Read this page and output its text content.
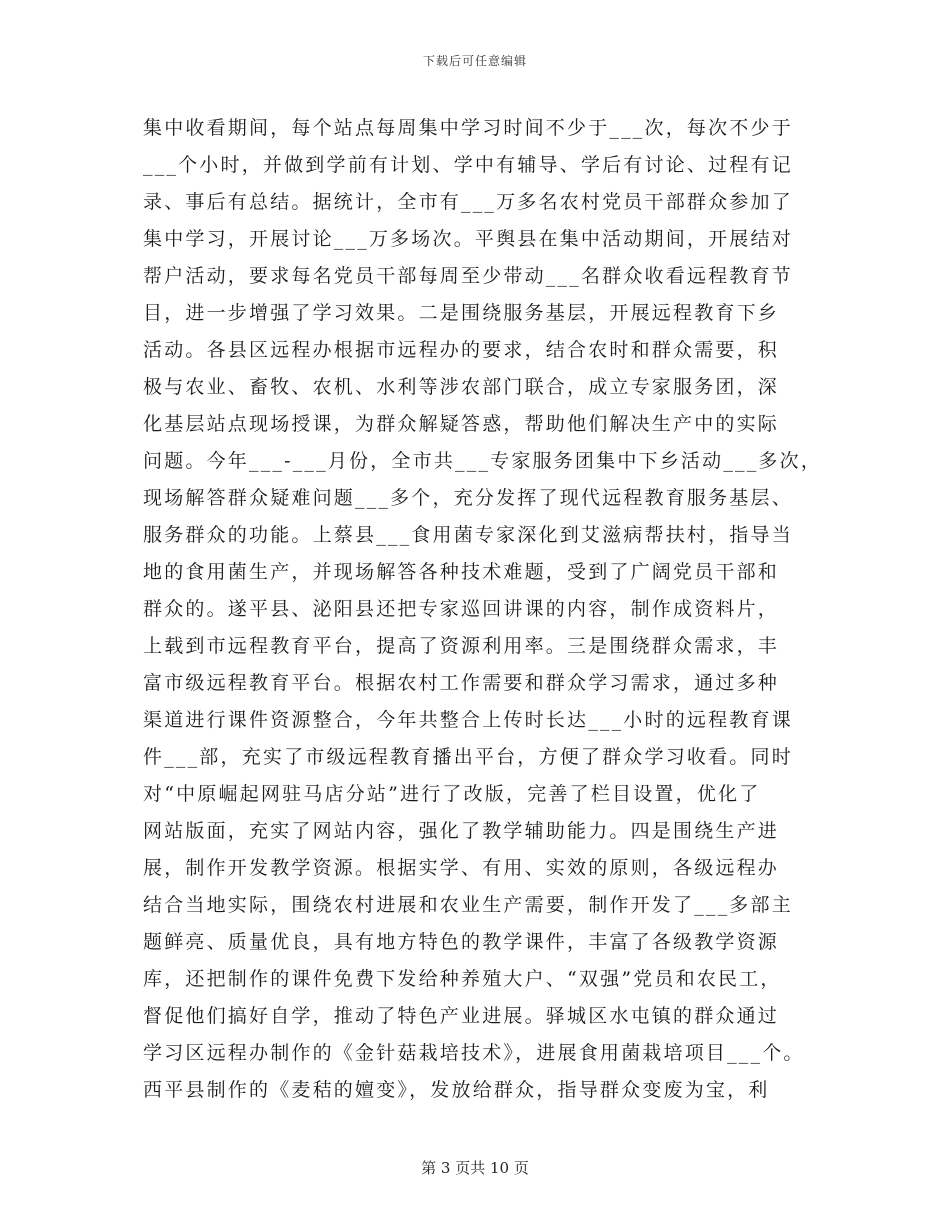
下载后可任意编辑
集中收看期间，每个站点每周集中学习时间不少于___次，每次不少于
___个小时，并做到学前有计划、学中有辅导、学后有讨论、过程有记
录、事后有总结。据统计，全市有___万多名农村党员干部群众参加了
集中学习，开展讨论___万多场次。平舆县在集中活动期间，开展结对
帮户活动，要求每名党员干部每周至少带动___名群众收看远程教育节
目，进一步增强了学习效果。二是围绕服务基层，开展远程教育下乡
活动。各县区远程办根据市远程办的要求，结合农时和群众需要，积
极与农业、畜牧、农机、水利等涉农部门联合，成立专家服务团，深
化基层站点现场授课，为群众解疑答惑，帮助他们解决生产中的实际
问题。今年___-___月份，全市共___专家服务团集中下乡活动___多次，
现场解答群众疑难问题___多个，充分发挥了现代远程教育服务基层、
服务群众的功能。上蔡县___食用菌专家深化到艾滋病帮扶村，指导当
地的食用菌生产，并现场解答各种技术难题，受到了广阔党员干部和
群众的。遂平县、泌阳县还把专家巡回讲课的内容，制作成资料片，
上载到市远程教育平台，提高了资源利用率。三是围绕群众需求，丰
富市级远程教育平台。根据农村工作需要和群众学习需求，通过多种
渠道进行课件资源整合，今年共整合上传时长达___小时的远程教育课
件___部，充实了市级远程教育播出平台，方便了群众学习收看。同时
对“中原崛起网驻马店分站”进行了改版，完善了栏目设置，优化了
网站版面，充实了网站内容，强化了教学辅助能力。四是围绕生产进
展，制作开发教学资源。根据实学、有用、实效的原则，各级远程办
结合当地实际，围绕农村进展和农业生产需要，制作开发了___多部主
题鲜亮、质量优良，具有地方特色的教学课件，丰富了各级教学资源
库，还把制作的课件免费下发给种养殖大户、“双强”党员和农民工，
督促他们搞好自学，推动了特色产业进展。驿城区水屯镇的群众通过
学习区远程办制作的《金针菇栽培技术》，进展食用菌栽培项目___个。
西平县制作的《麦秸的嬗变》，发放给群众，指导群众变废为宝，利
第 3 页共 10 页
